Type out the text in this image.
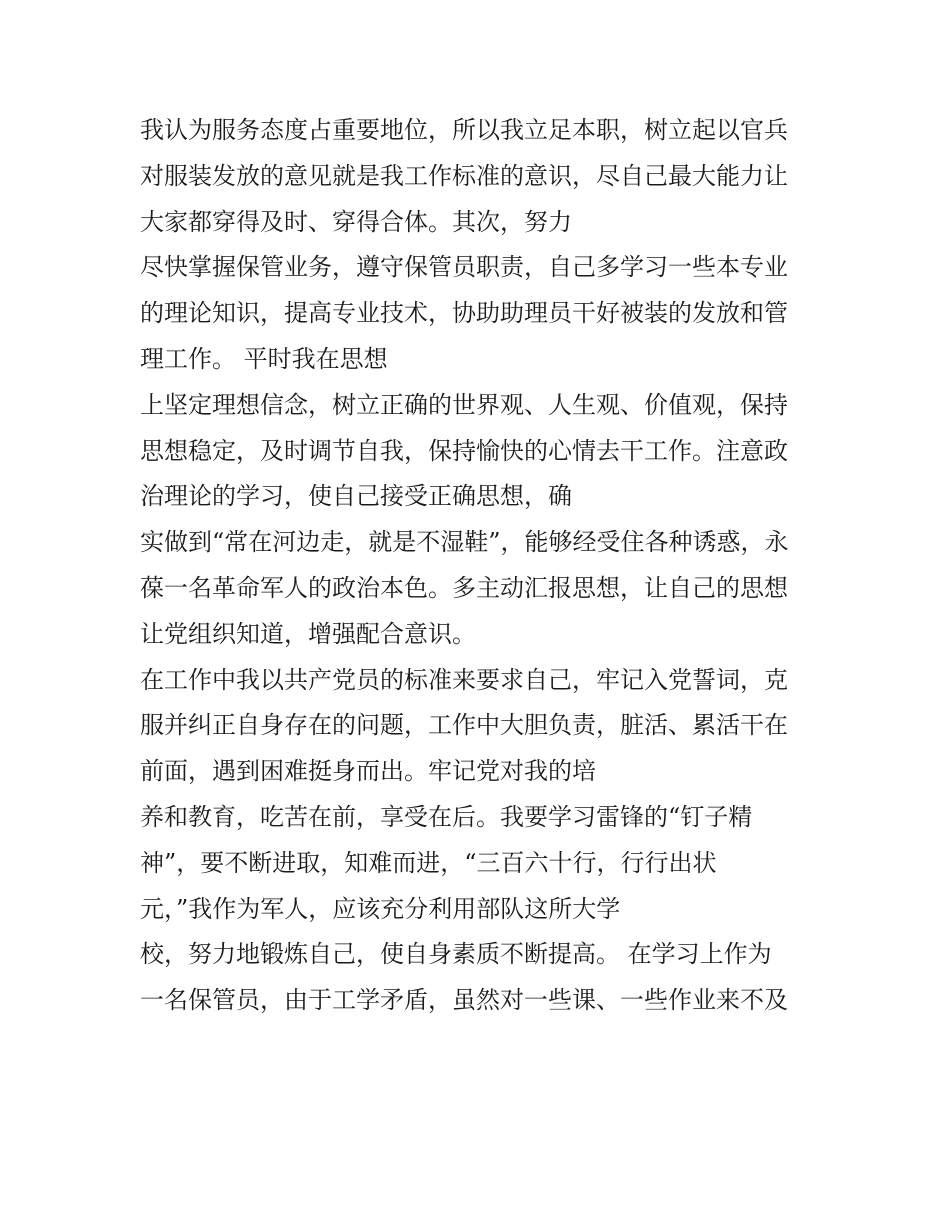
我认为服务态度占重要地位，所以我立足本职，树立起以官兵
对服装发放的意见就是我工作标准的意识，尽自己最大能力让
大家都穿得及时、穿得合体。其次，努力
尽快掌握保管业务，遵守保管员职责，自己多学习一些本专业
的理论知识，提高专业技术，协助助理员干好被装的发放和管
理工作。 平时我在思想
上坚定理想信念，树立正确的世界观、人生观、价值观，保持
思想稳定，及时调节自我，保持愉快的心情去干工作。注意政
治理论的学习，使自己接受正确思想，确
实做到“常在河边走，就是不湿鞋”，能够经受住各种诱惑，永
葆一名革命军人的政治本色。多主动汇报思想，让自己的思想
让党组织知道，增强配合意识。
在工作中我以共产党员的标准来要求自己，牢记入党誓词，克
服并纠正自身存在的问题，工作中大胆负责，脏活、累活干在
前面，遇到困难挺身而出。牢记党对我的培
养和教育，吃苦在前，享受在后。我要学习雷锋的“钉子精
神”，要不断进取，知难而进，“三百六十行，行行出状
元，”我作为军人，应该充分利用部队这所大学
校，努力地锻炼自己，使自身素质不断提高。 在学习上作为
一名保管员，由于工学矛盾，虽然对一些课、一些作业来不及
